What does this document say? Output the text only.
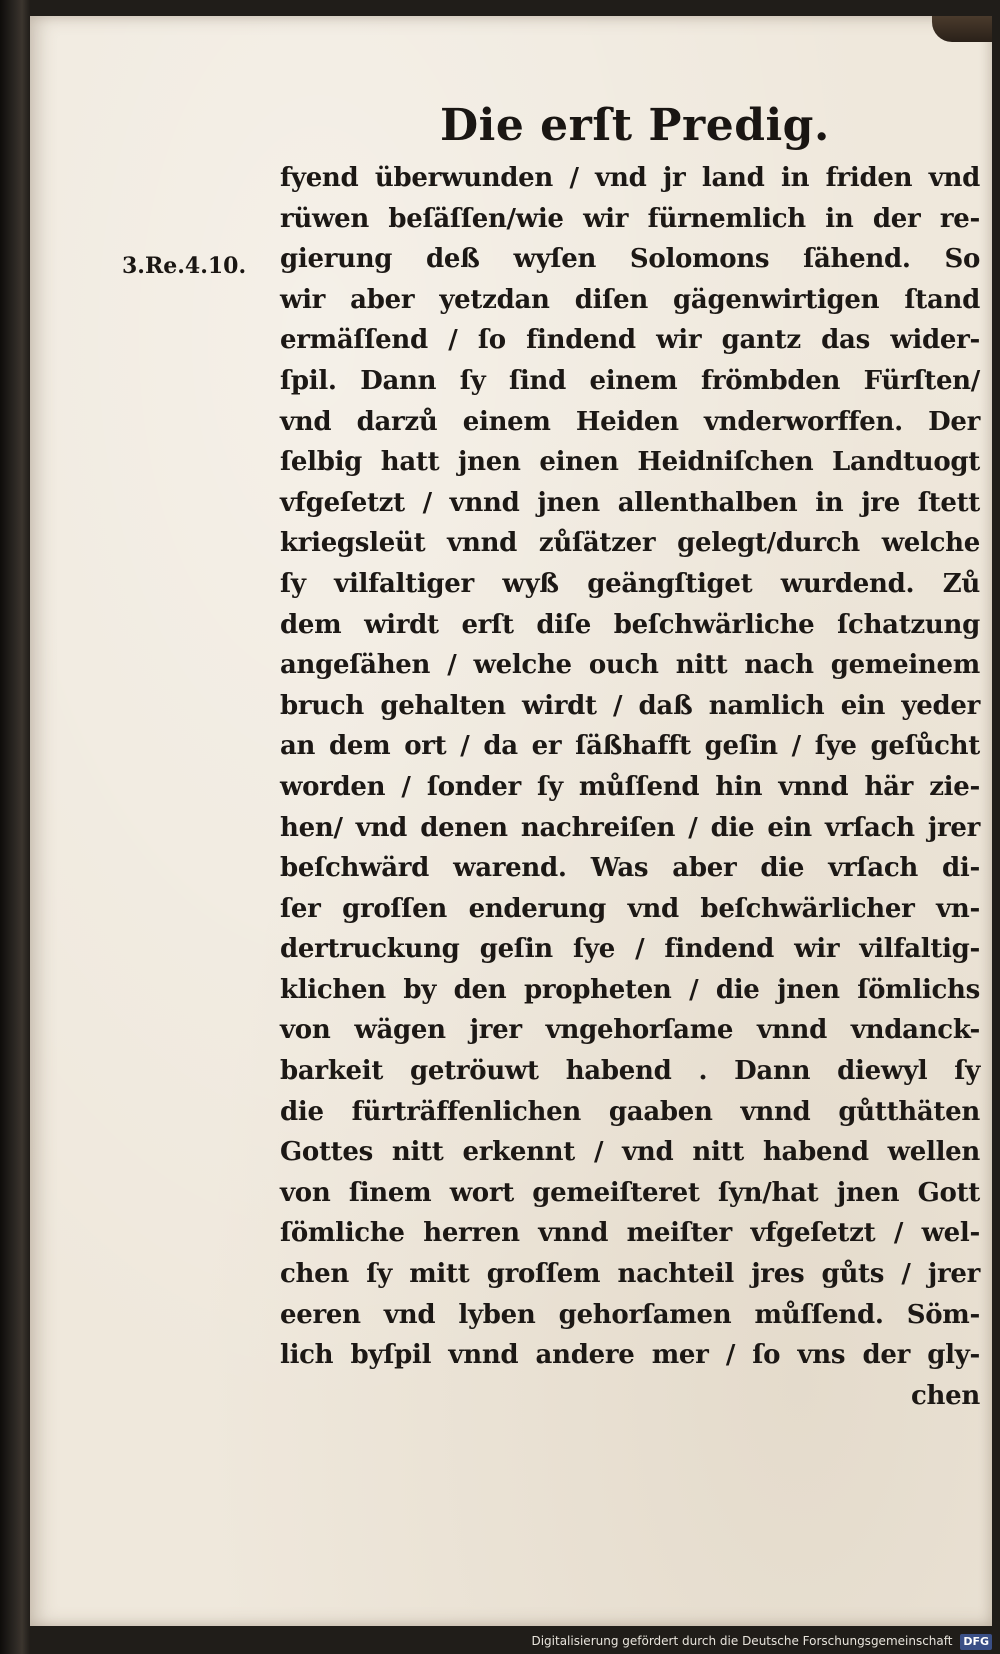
Die erſt Predig.
3.Re.4.10.
fyend überwunden / vnd jr land in friden vnd
rüwen beſäſſen/wie wir fürnemlich in der re-
gierung deß wyſen Solomons ſähend. So
wir aber yetzdan diſen gägenwirtigen ſtand
ermäſſend / ſo findend wir gantz das wider-
ſpil. Dann ſy ſind einem frömbden Fürſten/
vnd darzů einem Heiden vnderworffen. Der
ſelbig hatt jnen einen Heidniſchen Landtuogt
vfgeſetzt / vnnd jnen allenthalben in jre ſtett
kriegsleüt vnnd zůſätzer gelegt/durch welche
ſy vilfaltiger wyß geängſtiget wurdend. Zů
dem wirdt erſt diſe beſchwärliche ſchatzung
angeſähen / welche ouch nitt nach gemeinem
bruch gehalten wirdt / daß namlich ein yeder
an dem ort / da er ſäßhafft geſin / ſye geſůcht
worden / ſonder ſy můſſend hin vnnd här zie-
hen/ vnd denen nachreiſen / die ein vrſach jrer
beſchwärd warend. Was aber die vrſach di-
ſer groſſen enderung vnd beſchwärlicher vn-
dertruckung geſin ſye / findend wir vilfaltig-
klichen by den propheten / die jnen ſömlichs
von wägen jrer vngehorſame vnnd vndanck-
barkeit getröuwt habend . Dann diewyl ſy
die fürträffenlichen gaaben vnnd gůtthäten
Gottes nitt erkennt / vnd nitt habend wellen
von ſinem wort gemeiſteret ſyn/hat jnen Gott
ſömliche herren vnnd meiſter vfgeſetzt / wel-
chen ſy mitt groſſem nachteil jres gůts / jrer
eeren vnd lyben gehorſamen můſſend. Söm-
lich byſpil vnnd andere mer / ſo vns der gly-
chen
Digitalisierung gefördert durch die Deutsche Forschungsgemeinschaft DFG
